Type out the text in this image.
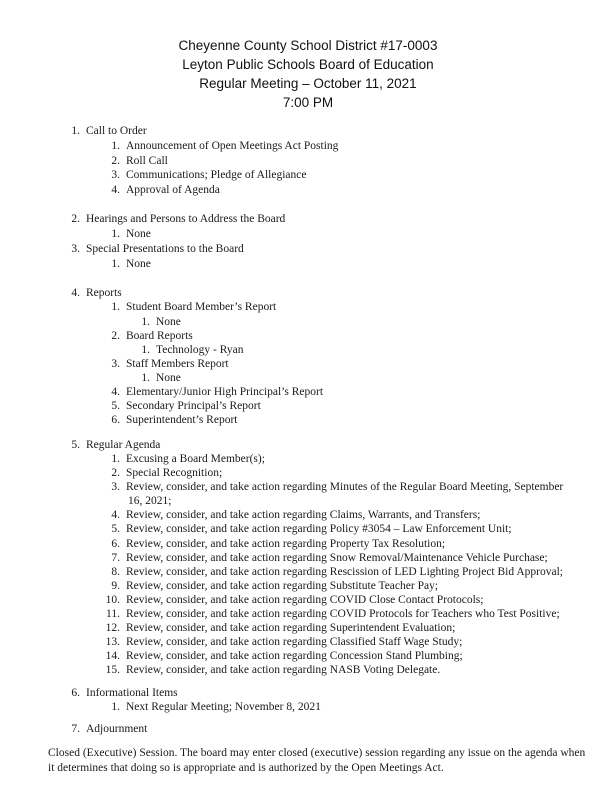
Cheyenne County School District #17-0003
Leyton Public Schools Board of Education
Regular Meeting – October 11, 2021
7:00 PM
1. Call to Order
1. Announcement of Open Meetings Act Posting
2. Roll Call
3. Communications; Pledge of Allegiance
4. Approval of Agenda
2. Hearings and Persons to Address the Board
1. None
3. Special Presentations to the Board
1. None
4. Reports
1. Student Board Member’s Report
1. None
2. Board Reports
1. Technology - Ryan
3. Staff Members Report
1. None
4. Elementary/Junior High Principal’s Report
5. Secondary Principal’s Report
6. Superintendent’s Report
5. Regular Agenda
1. Excusing a Board Member(s);
2. Special Recognition;
3. Review, consider, and take action regarding Minutes of the Regular Board Meeting, September
16, 2021;
4. Review, consider, and take action regarding Claims, Warrants, and Transfers;
5. Review, consider, and take action regarding Policy #3054 – Law Enforcement Unit;
6. Review, consider, and take action regarding Property Tax Resolution;
7. Review, consider, and take action regarding Snow Removal/Maintenance Vehicle Purchase;
8. Review, consider, and take action regarding Rescission of LED Lighting Project Bid Approval;
9. Review, consider, and take action regarding Substitute Teacher Pay;
10. Review, consider, and take action regarding COVID Close Contact Protocols;
11. Review, consider, and take action regarding COVID Protocols for Teachers who Test Positive;
12. Review, consider, and take action regarding Superintendent Evaluation;
13. Review, consider, and take action regarding Classified Staff Wage Study;
14. Review, consider, and take action regarding Concession Stand Plumbing;
15. Review, consider, and take action regarding NASB Voting Delegate.
6. Informational Items
1. Next Regular Meeting; November 8, 2021
7. Adjournment
Closed (Executive) Session. The board may enter closed (executive) session regarding any issue on the agenda when it determines that doing so is appropriate and is authorized by the Open Meetings Act.
